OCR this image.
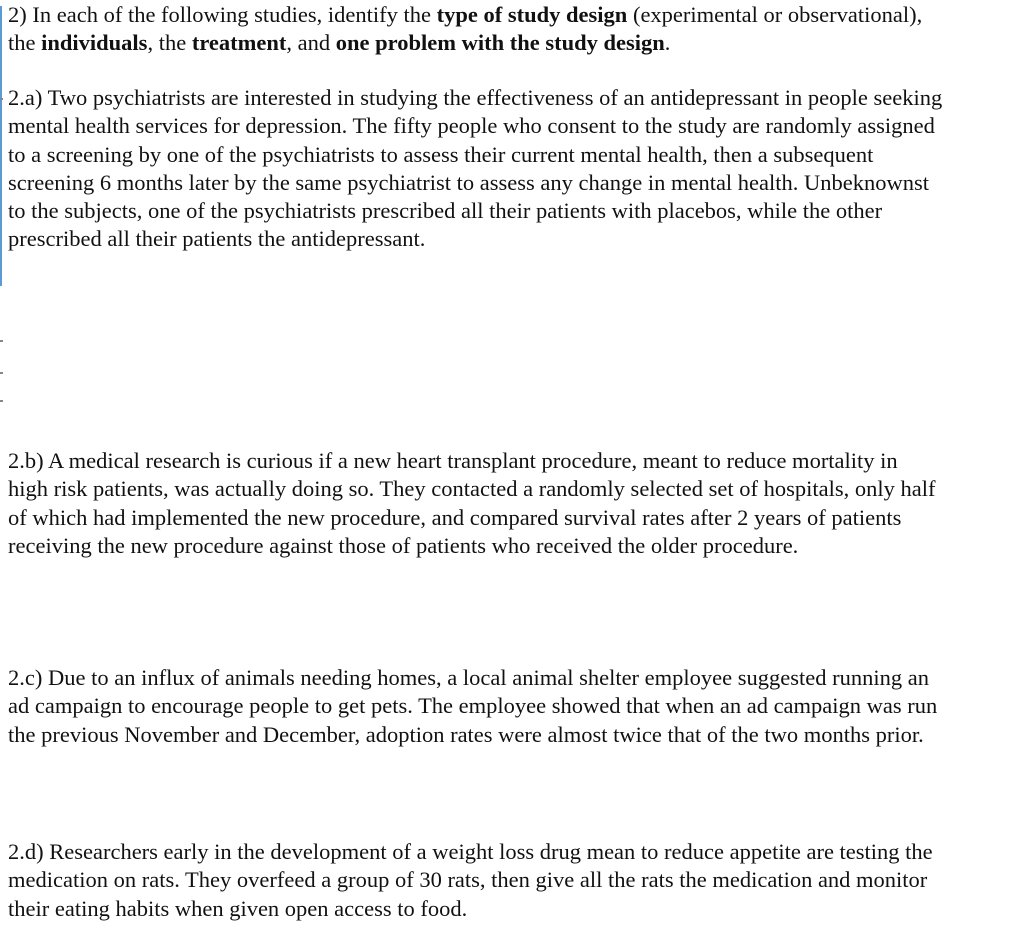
2) In each of the following studies, identify the type of study design (experimental or observational),
the individuals, the treatment, and one problem with the study design.

2.a) Two psychiatrists are interested in studying the effectiveness of an antidepressant in people seeking
mental health services for depression. The fifty people who consent to the study are randomly assigned
to a screening by one of the psychiatrists to assess their current mental health, then a subsequent
screening 6 months later by the same psychiatrist to assess any change in mental health. Unbeknownst
to the subjects, one of the psychiatrists prescribed all their patients with placebos, while the other
prescribed all their patients the antidepressant.

2.b) A medical research is curious if a new heart transplant procedure, meant to reduce mortality in
high risk patients, was actually doing so. They contacted a randomly selected set of hospitals, only half
of which had implemented the new procedure, and compared survival rates after 2 years of patients
receiving the new procedure against those of patients who received the older procedure.

2.c) Due to an influx of animals needing homes, a local animal shelter employee suggested running an
ad campaign to encourage people to get pets. The employee showed that when an ad campaign was run
the previous November and December, adoption rates were almost twice that of the two months prior.

2.d) Researchers early in the development of a weight loss drug mean to reduce appetite are testing the
medication on rats. They overfeed a group of 30 rats, then give all the rats the medication and monitor
their eating habits when given open access to food.
